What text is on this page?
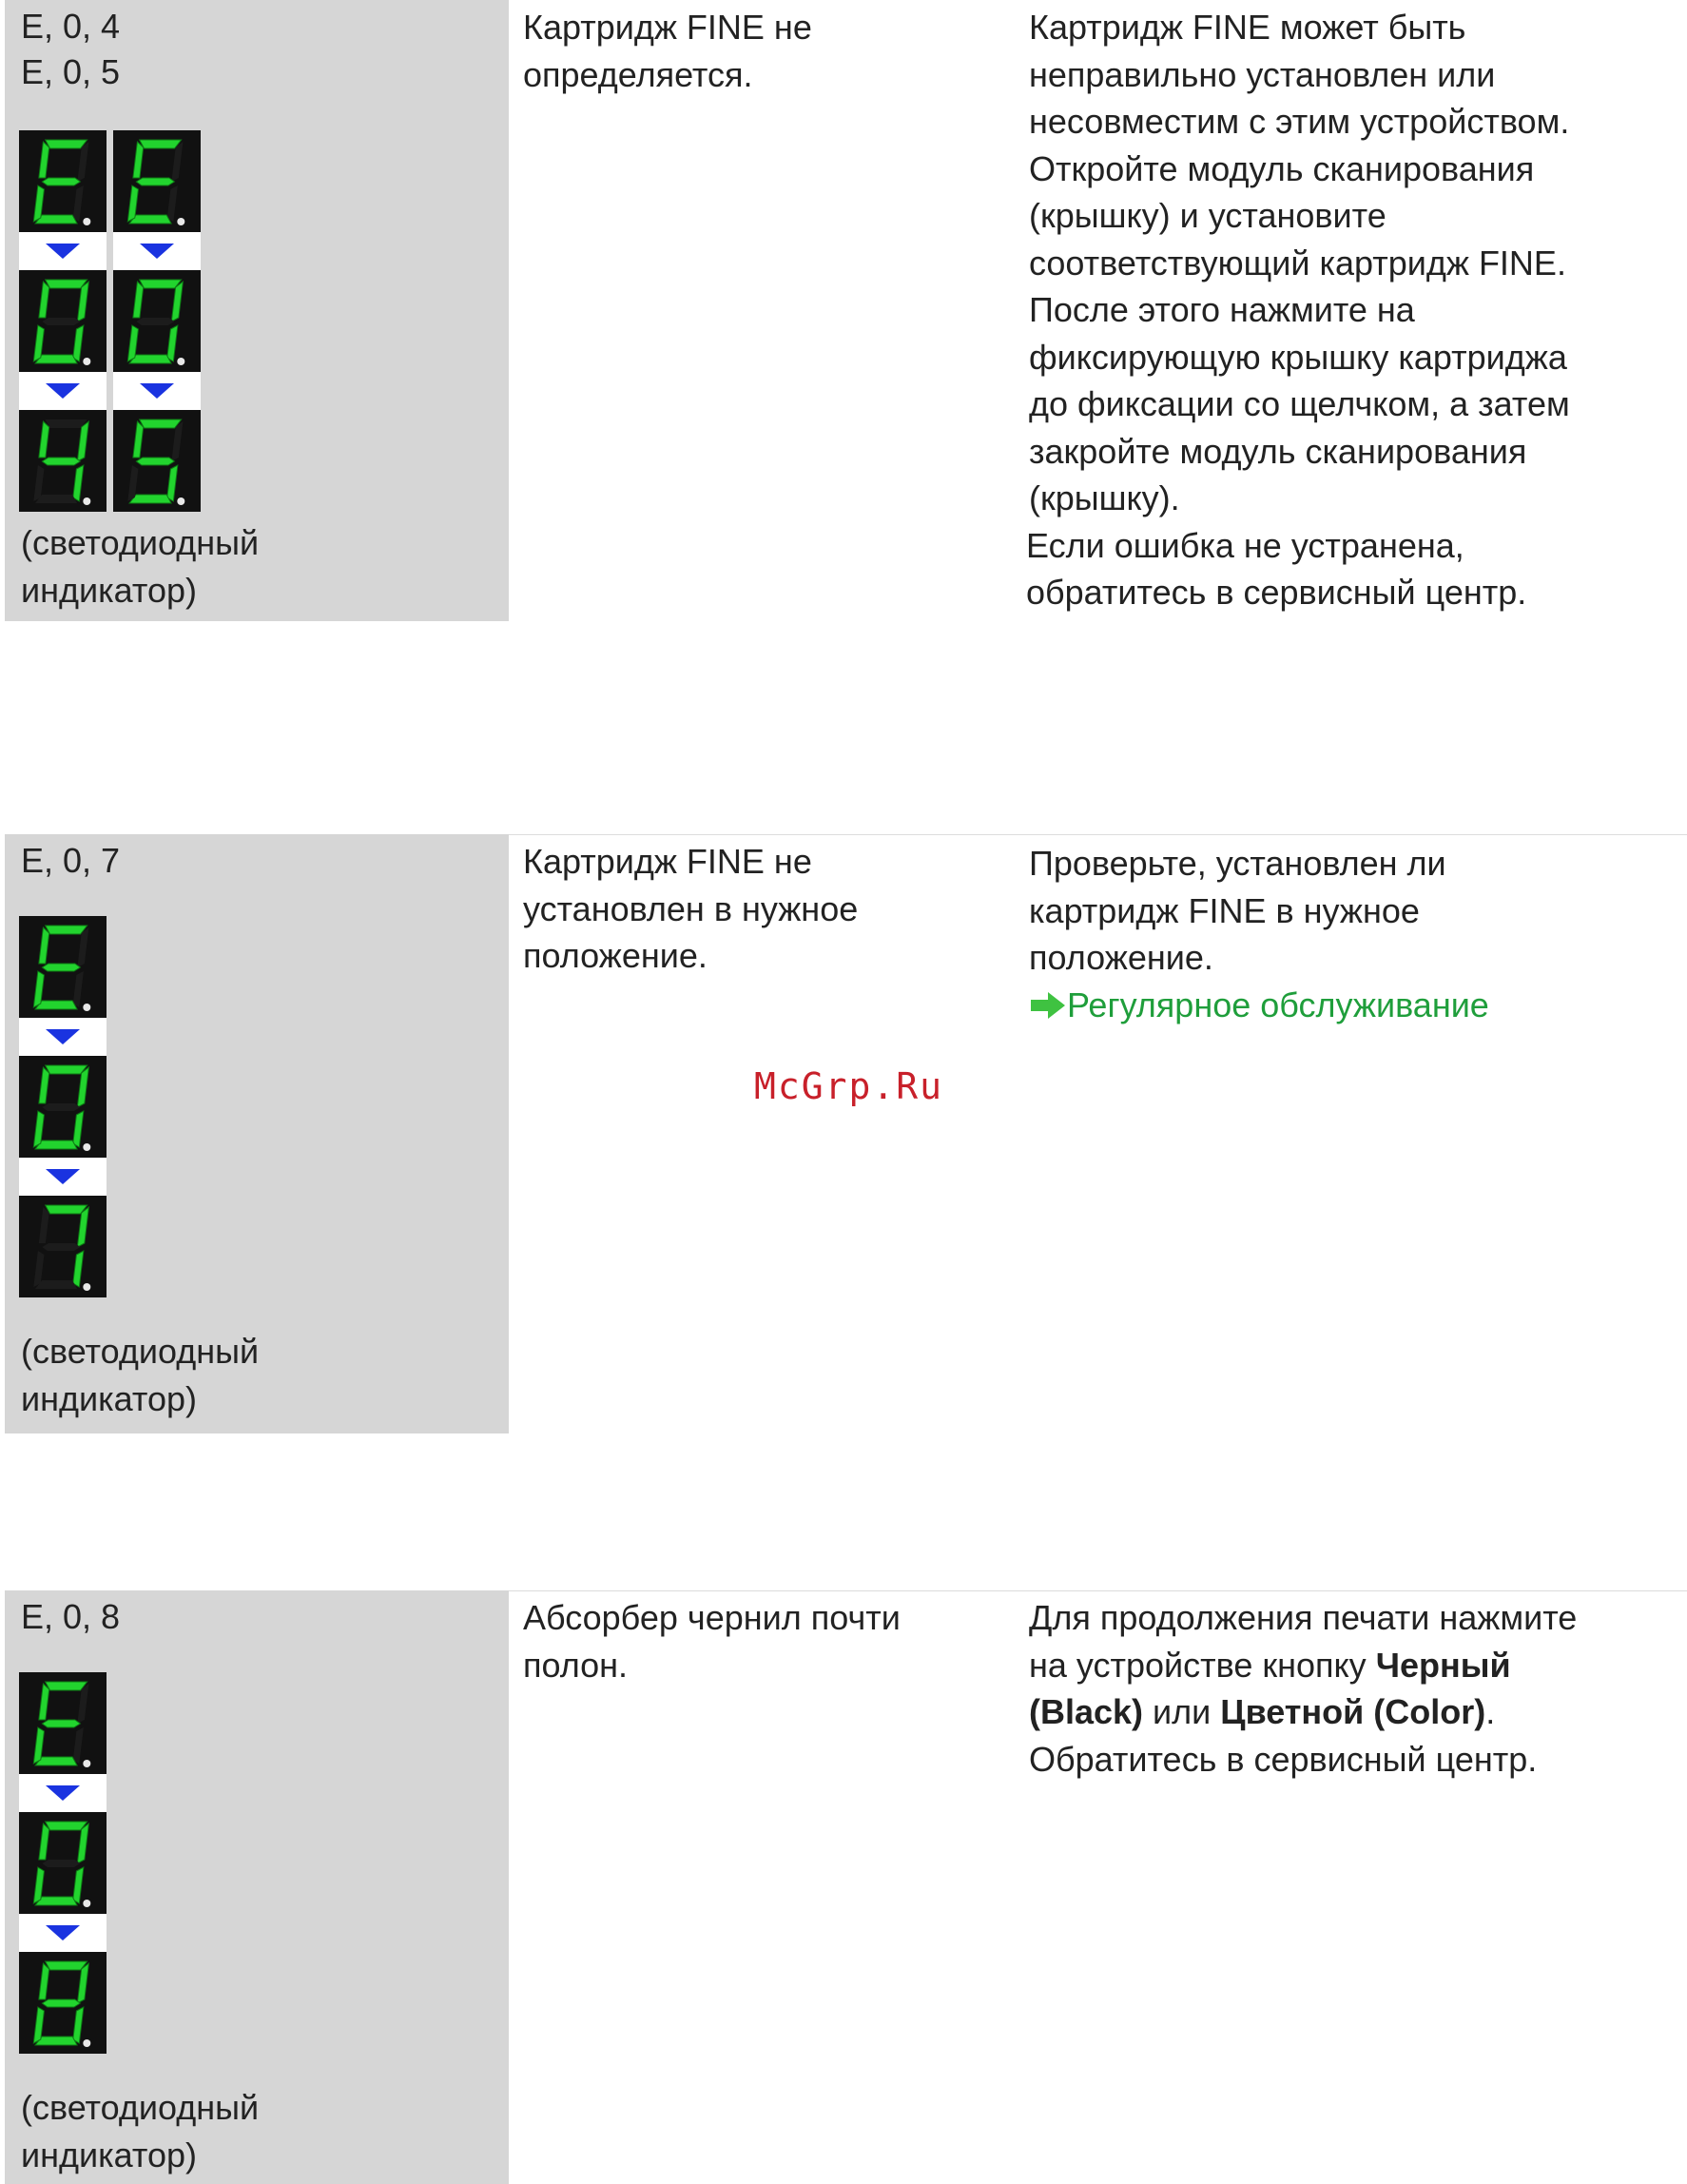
E, 0, 4
E, 0, 5
(светодиодный
индикатор)
Картридж FINE не
определяется.
Картридж FINE может быть
неправильно установлен или
несовместим с этим устройством.
Откройте модуль сканирования
(крышку) и установите
соответствующий картридж FINE.
После этого нажмите на
фиксирующую крышку картриджа
до фиксации со щелчком, а затем
закройте модуль сканирования
(крышку).
Если ошибка не устранена,
обратитесь в сервисный центр.
E, 0, 7
(светодиодный
индикатор)
Картридж FINE не
установлен в нужное
положение.
Проверьте, установлен ли
картридж FINE в нужное
положение.
Регулярное обслуживание
E, 0, 8
(светодиодный
индикатор)
Абсорбер чернил почти
полон.
Для продолжения печати нажмите
на устройстве кнопку Черный
(Black) или Цветной (Color).
Обратитесь в сервисный центр.
McGrp.Ru
